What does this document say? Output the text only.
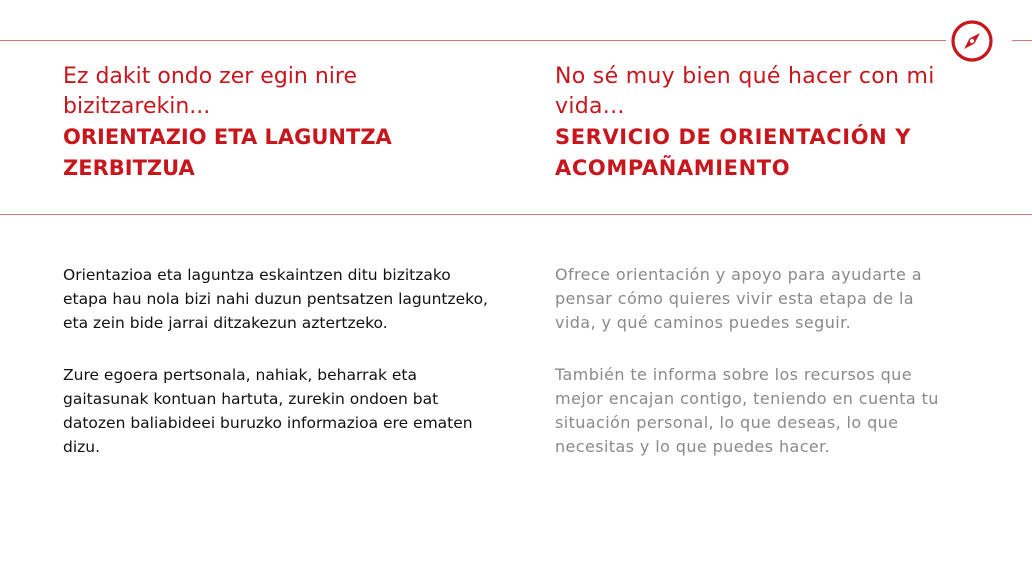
Ez dakit ondo zer egin nire bizitzarekin...

ORIENTAZIO ETA LAGUNTZA ZERBITZUA

No sé muy bien qué hacer con mi vida...

SERVICIO DE ORIENTACIÓN Y ACOMPAÑAMIENTO

Orientazioa eta laguntza eskaintzen ditu bizitzako etapa hau nola bizi nahi duzun pentsatzen laguntzeko, eta zein bide jarrai ditzakezun aztertzeko.

Zure egoera pertsonala, nahiak, beharrak eta gaitasunak kontuan hartuta, zurekin ondoen bat datozen baliabideei buruzko informazioa ere ematen dizu.

Ofrece orientación y apoyo para ayudarte a pensar cómo quieres vivir esta etapa de la vida, y qué caminos puedes seguir.

También te informa sobre los recursos que mejor encajan contigo, teniendo en cuenta tu situación personal, lo que deseas, lo que necesitas y lo que puedes hacer.
